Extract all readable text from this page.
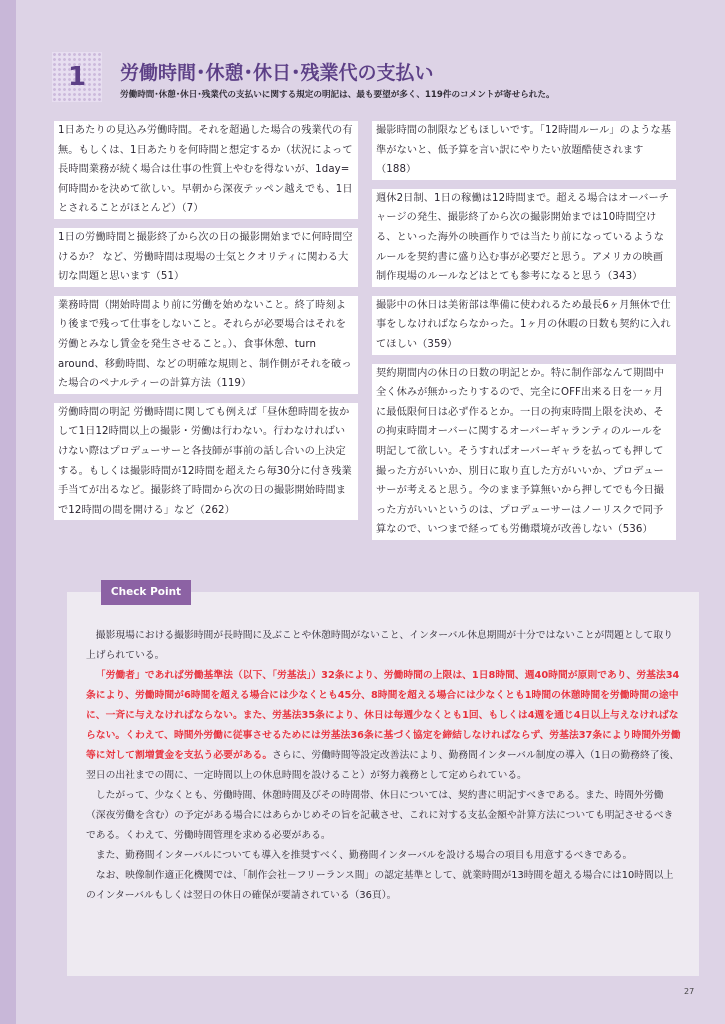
1	労働時間･休憩･休日･残業代の支払い
労働時間･休憩･休日･残業代の支払いに関する規定の明記は、最も要望が多く、119件のコメントが寄せられた。
1日あたりの見込み労働時間。それを超過した場合の残業代の有無。もしくは、1日あたりを何時間と想定するか（状況によって長時間業務が続く場合は仕事の性質上やむを得ないが、1day=何時間かを決めて欲しい。早朝から深夜テッペン越えでも、1日とされることがほとんど）（7）
1日の労働時間と撮影終了から次の日の撮影開始までに何時間空けるか？ など、労働時間は現場の士気とクオリティに関わる大切な問題と思います（51）
業務時間（開始時間より前に労働を始めないこと。終了時刻より後まで残って仕事をしないこと。それらが必要場合はそれを労働とみなし賃金を発生させること。）、食事休憩、turn around、移動時間、などの明確な規則と、制作側がそれを破った場合のペナルティーの計算方法（119）
労働時間の明記 労働時間に関しても例えば「昼休憩時間を抜かして1日12時間以上の撮影・労働は行わない。行わなければいけない際はプロデューサーと各技師が事前の話し合いの上決定する。もしくは撮影時間が12時間を超えたら毎30分に付き残業手当てが出るなど。撮影終了時間から次の日の撮影開始時間まで12時間の間を開ける」など（262）
撮影時間の制限などもほしいです。「12時間ルール」のような基準がないと、低予算を言い訳にやりたい放題酷使されます（188）
週休2日制、1日の稼働は12時間まで。超える場合はオーバーチャージの発生、撮影終了から次の撮影開始までは10時間空ける、といった海外の映画作りでは当たり前になっているようなルールを契約書に盛り込む事が必要だと思う。アメリカの映画制作現場のルールなどはとても参考になると思う（343）
撮影中の休日は美術部は準備に使われるため最長6ヶ月無休で仕事をしなければならなかった。1ヶ月の休暇の日数も契約に入れてほしい（359）
契約期間内の休日の日数の明記とか。特に制作部なんて期間中全く休みが無かったりするので、完全にOFF出来る日を一ヶ月に最低限何日は必ず作るとか。一日の拘束時間上限を決め、その拘束時間オーバーに関するオーバーギャランティのルールを明記して欲しい。そうすればオーバーギャラを払っても押して撮った方がいいか、別日に取り直した方がいいか、プロデューサーが考えると思う。今のまま予算無いから押してでも今日撮った方がいいというのは、プロデューサーはノーリスクで同予算なので、いつまで経っても労働環境が改善しない（536）
Check Point

撮影現場における撮影時間が長時間に及ぶことや休憩時間がないこと、インターバル休息期間が十分ではないことが問題として取り上げられている。

「労働者」であれば労働基準法（以下、「労基法」）32条により、労働時間の上限は、1日8時間、週40時間が原則であり、労基法34条により、労働時間が6時間を超える場合には少なくとも45分、8時間を超える場合には少なくとも1時間の休憩時間を労働時間の途中に、一斉に与えなければならない。また、労基法35条により、休日は毎週少なくとも1回、もしくは4週を通じ4日以上与えなければならない。くわえて、時間外労働に従事させるためには労基法36条に基づく協定を締結しなければならず、労基法37条により時間外労働等に対して割増賃金を支払う必要がある。さらに、労働時間等設定改善法により、勤務間インターバル制度の導入（1日の勤務終了後、翌日の出社までの間に、一定時間以上の休息時間を設けること）が努力義務として定められている。

したがって、少なくとも、労働時間、休憩時間及びその時間帯、休日については、契約書に明記すべきである。また、時間外労働（深夜労働を含む）の予定がある場合にはあらかじめその旨を記載させ、これに対する支払金額や計算方法についても明記させるべきである。くわえて、労働時間管理を求める必要がある。

また、勤務間インターバルについても導入を推奨すべく、勤務間インターバルを設ける場合の項目も用意するべきである。

なお、映像制作適正化機関では、「制作会社－フリーランス間」の認定基準として、就業時間が13時間を超える場合には10時間以上のインターバルもしくは翌日の休日の確保が要請されている（36頁）。

27
